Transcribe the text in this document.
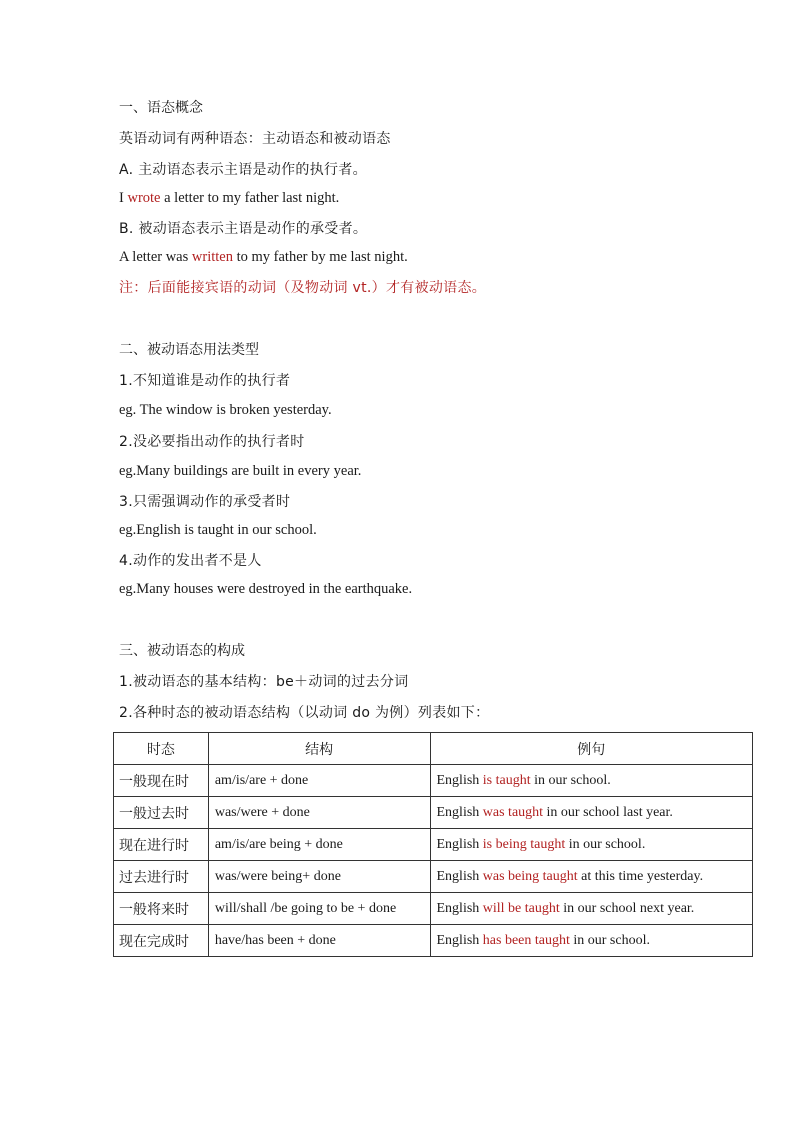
一、语态概念
英语动词有两种语态：主动语态和被动语态
A. 主动语态表示主语是动作的执行者。
I wrote a letter to my father last night.
B. 被动语态表示主语是动作的承受者。
A letter was written to my father by me last night.
注：后面能接宾语的动词（及物动词 vt.）才有被动语态。
二、被动语态用法类型
1.不知道谁是动作的执行者
eg. The window is broken yesterday.
2.没必要指出动作的执行者时
eg.Many buildings are built in every year.
3.只需强调动作的承受者时
eg.English is taught in our school.
4.动作的发出者不是人
eg.Many houses were destroyed in the earthquake.
三、被动语态的构成
1.被动语态的基本结构：be＋动词的过去分词
2.各种时态的被动语态结构（以动词 do 为例）列表如下：
时态	结构	例句
一般现在时	am/is/are + done	English is taught in our school.
一般过去时	was/were + done	English was taught in our school last year.
现在进行时	am/is/are being + done	English is being taught in our school.
过去进行时	was/were being+ done	English was being taught at this time yesterday.
一般将来时	will/shall /be going to be + done	English will be taught in our school next year.
现在完成时	have/has been + done	English has been taught in our school.
